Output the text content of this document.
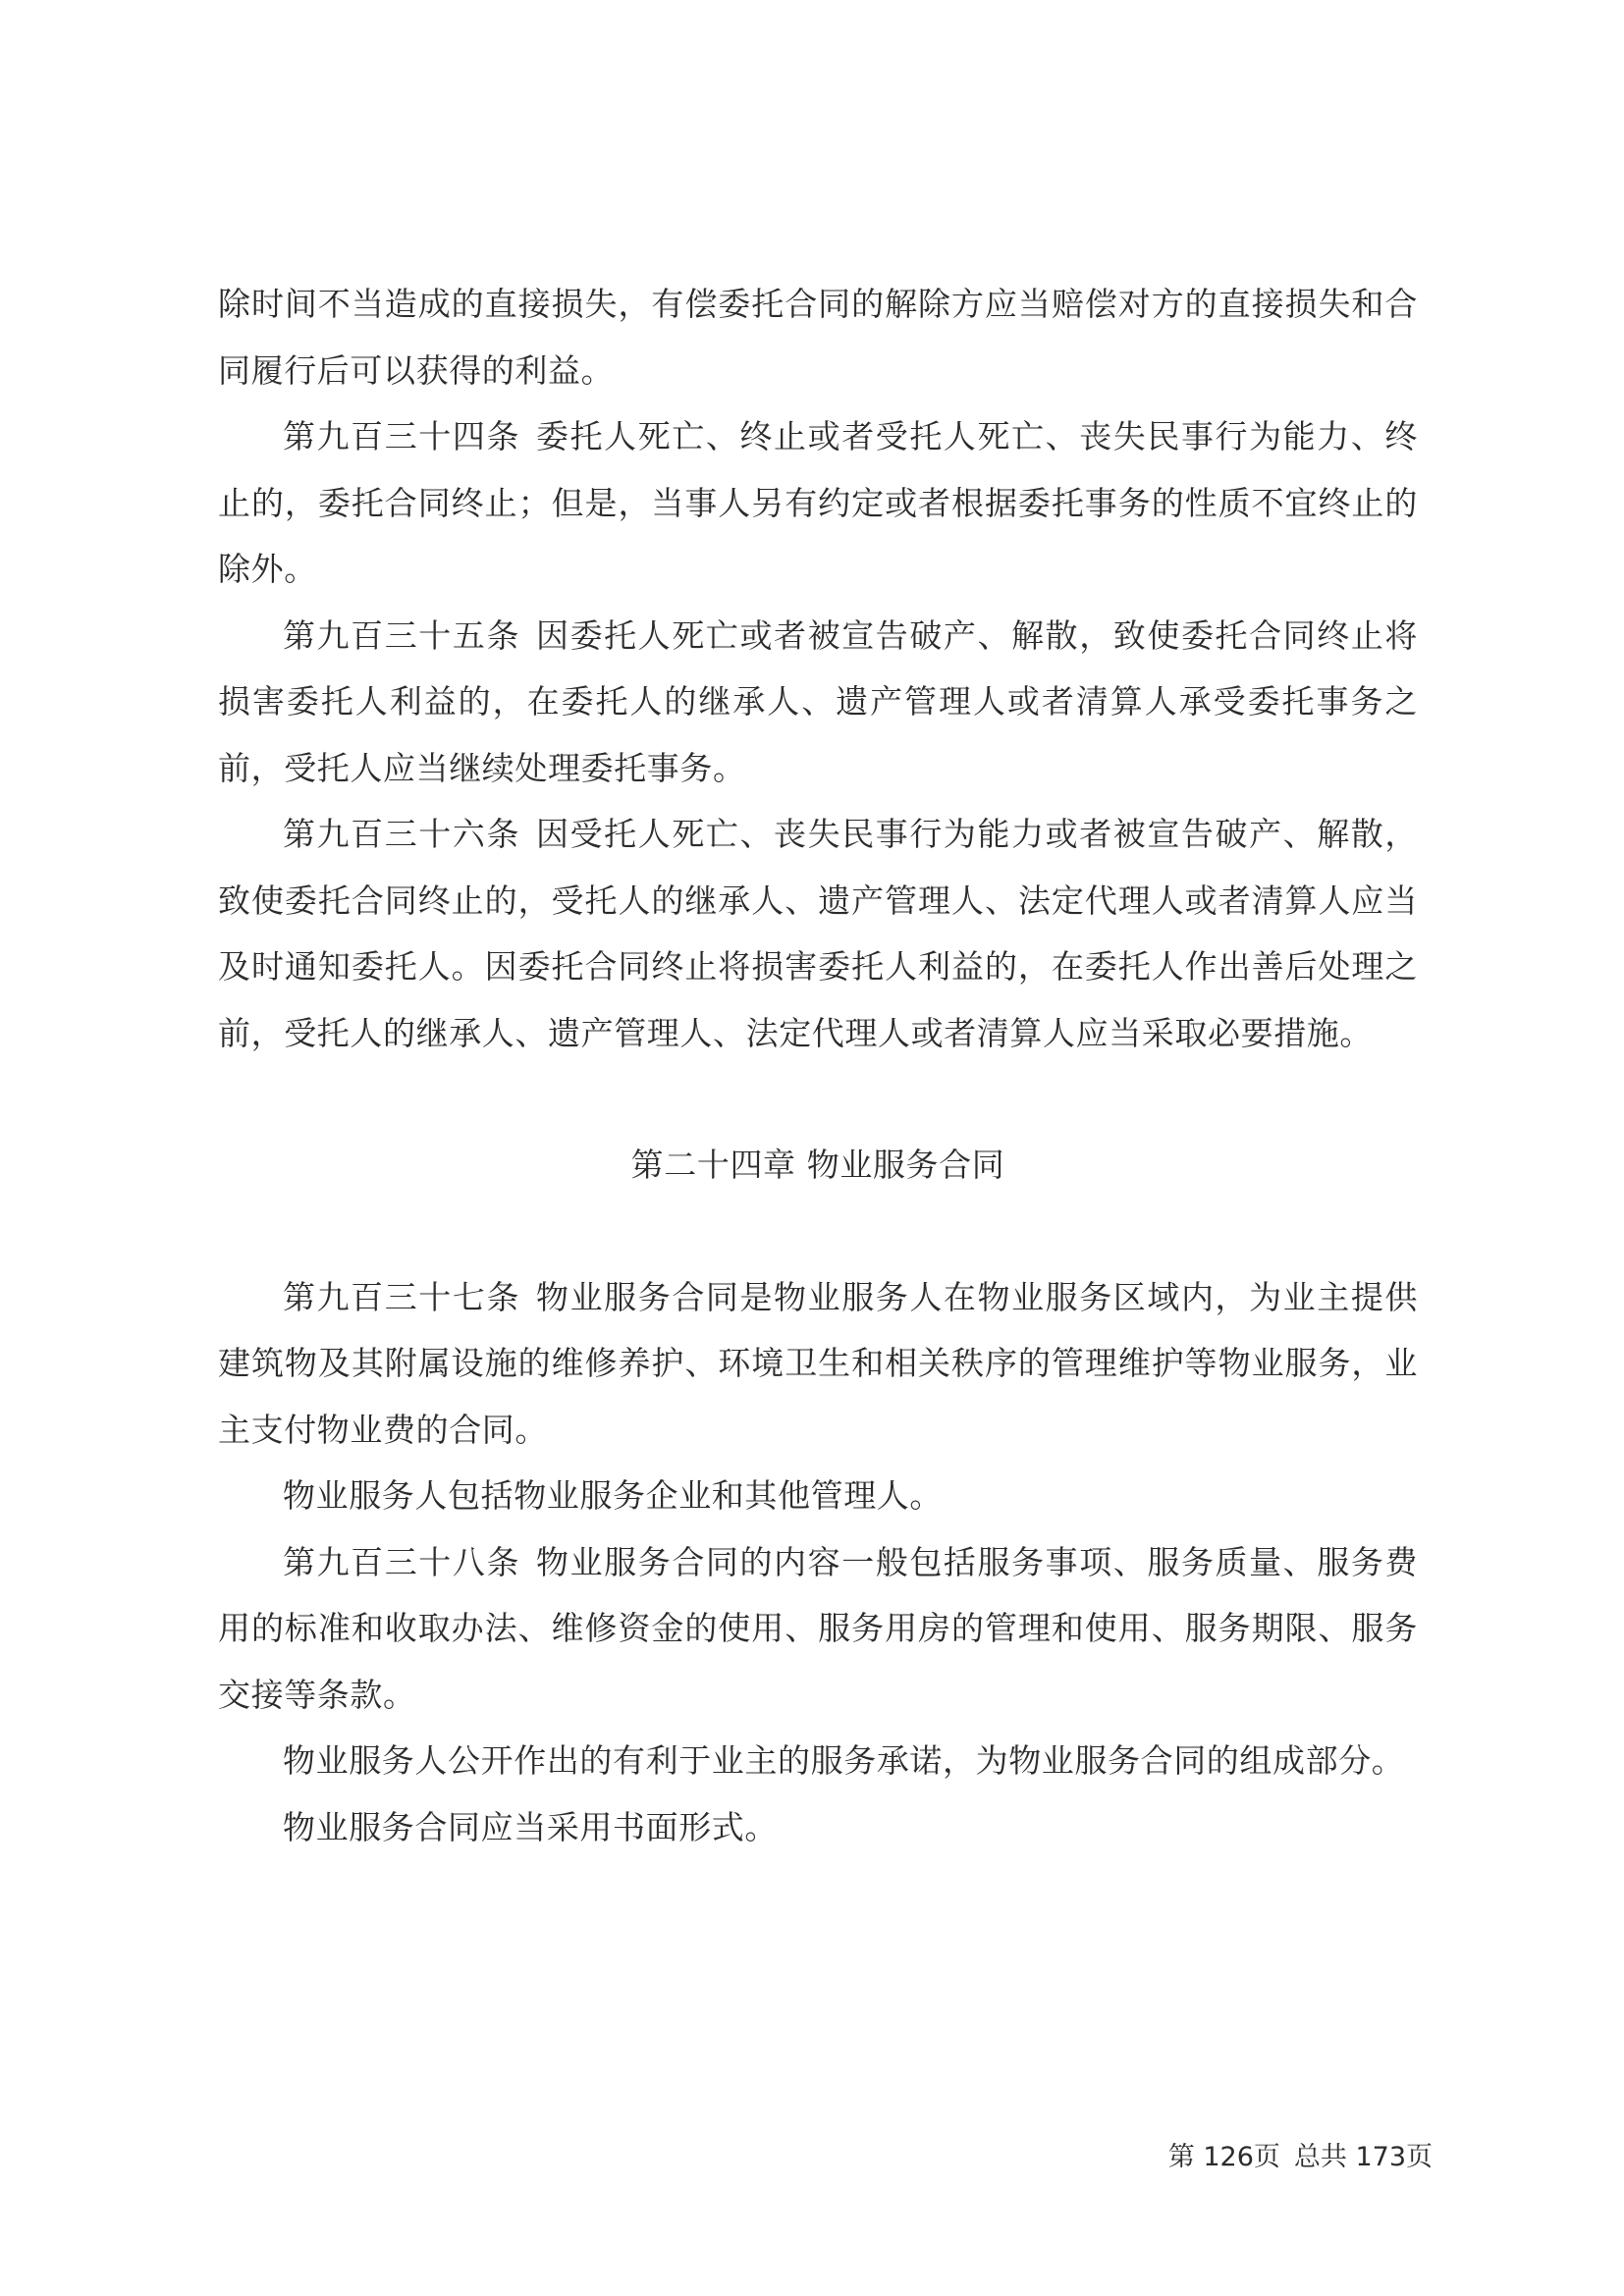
除时间不当造成的直接损失，有偿委托合同的解除方应当赔偿对方的直接损失和合同履行后可以获得的利益。

第九百三十四条 委托人死亡、终止或者受托人死亡、丧失民事行为能力、终止的，委托合同终止；但是，当事人另有约定或者根据委托事务的性质不宜终止的除外。

第九百三十五条 因委托人死亡或者被宣告破产、解散，致使委托合同终止将损害委托人利益的，在委托人的继承人、遗产管理人或者清算人承受委托事务之前，受托人应当继续处理委托事务。

第九百三十六条 因受托人死亡、丧失民事行为能力或者被宣告破产、解散，致使委托合同终止的，受托人的继承人、遗产管理人、法定代理人或者清算人应当及时通知委托人。因委托合同终止将损害委托人利益的，在委托人作出善后处理之前，受托人的继承人、遗产管理人、法定代理人或者清算人应当采取必要措施。

第二十四章 物业服务合同

第九百三十七条 物业服务合同是物业服务人在物业服务区域内，为业主提供建筑物及其附属设施的维修养护、环境卫生和相关秩序的管理维护等物业服务，业主支付物业费的合同。

物业服务人包括物业服务企业和其他管理人。

第九百三十八条 物业服务合同的内容一般包括服务事项、服务质量、服务费用的标准和收取办法、维修资金的使用、服务用房的管理和使用、服务期限、服务交接等条款。

物业服务人公开作出的有利于业主的服务承诺，为物业服务合同的组成部分。

物业服务合同应当采用书面形式。

第 126页 总共 173页
